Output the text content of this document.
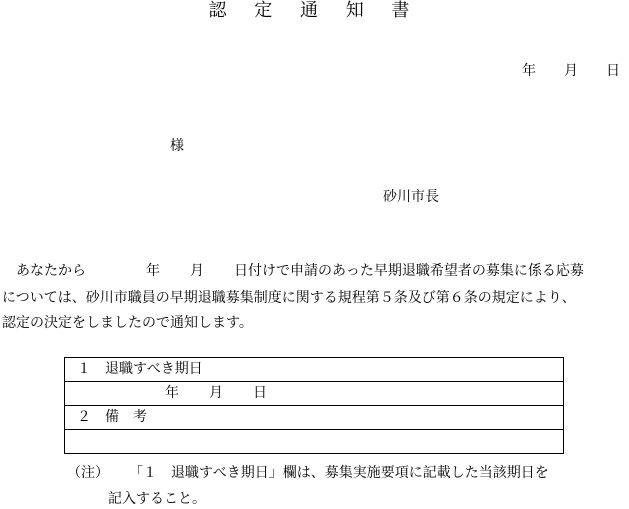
認 定 通 知 書
年 月 日
様
砂川市長
あなたから	年 月 日付けで申請のあった早期退職希望者の募集に係る応募
については、砂川市職員の早期退職募集制度に関する規程第５条及び第６条の規定により、
認定の決定をしましたので通知します。
１　退職すべき期日
年 月 日
２　備　考

（注） 「１　退職すべき期日」欄は、募集実施要項に記載した当該期日を
記入すること。
